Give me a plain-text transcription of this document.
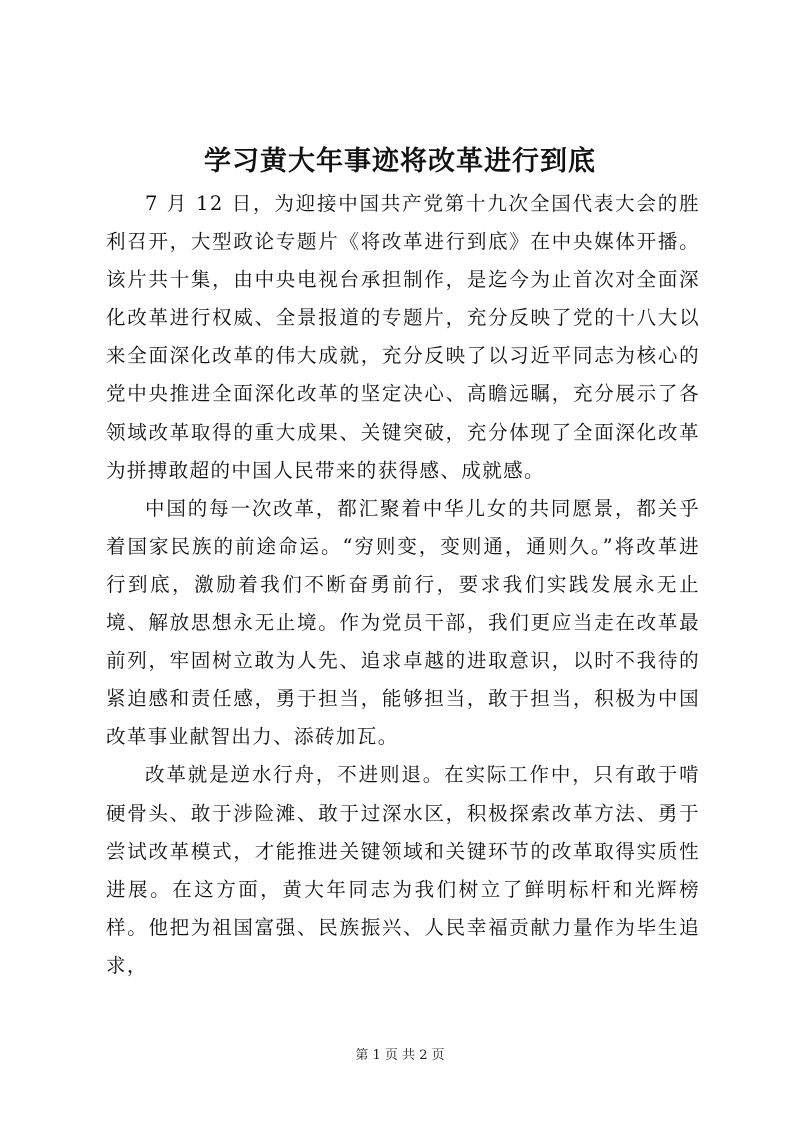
学习黄大年事迹将改革进行到底

7 月 12 日，为迎接中国共产党第十九次全国代表大会的胜利召开，大型政论专题片《将改革进行到底》在中央媒体开播。该片共十集，由中央电视台承担制作，是迄今为止首次对全面深化改革进行权威、全景报道的专题片，充分反映了党的十八大以来全面深化改革的伟大成就，充分反映了以习近平同志为核心的党中央推进全面深化改革的坚定决心、高瞻远瞩，充分展示了各领域改革取得的重大成果、关键突破，充分体现了全面深化改革为拼搏敢超的中国人民带来的获得感、成就感。

中国的每一次改革，都汇聚着中华儿女的共同愿景，都关乎着国家民族的前途命运。“穷则变，变则通，通则久。”将改革进行到底，激励着我们不断奋勇前行，要求我们实践发展永无止境、解放思想永无止境。作为党员干部，我们更应当走在改革最前列，牢固树立敢为人先、追求卓越的进取意识，以时不我待的紧迫感和责任感，勇于担当，能够担当，敢于担当，积极为中国改革事业献智出力、添砖加瓦。

改革就是逆水行舟，不进则退。在实际工作中，只有敢于啃硬骨头、敢于涉险滩、敢于过深水区，积极探索改革方法、勇于尝试改革模式，才能推进关键领域和关键环节的改革取得实质性进展。在这方面，黄大年同志为我们树立了鲜明标杆和光辉榜样。他把为祖国富强、民族振兴、人民幸福贡献力量作为毕生追求，

第 1 页 共 2 页
